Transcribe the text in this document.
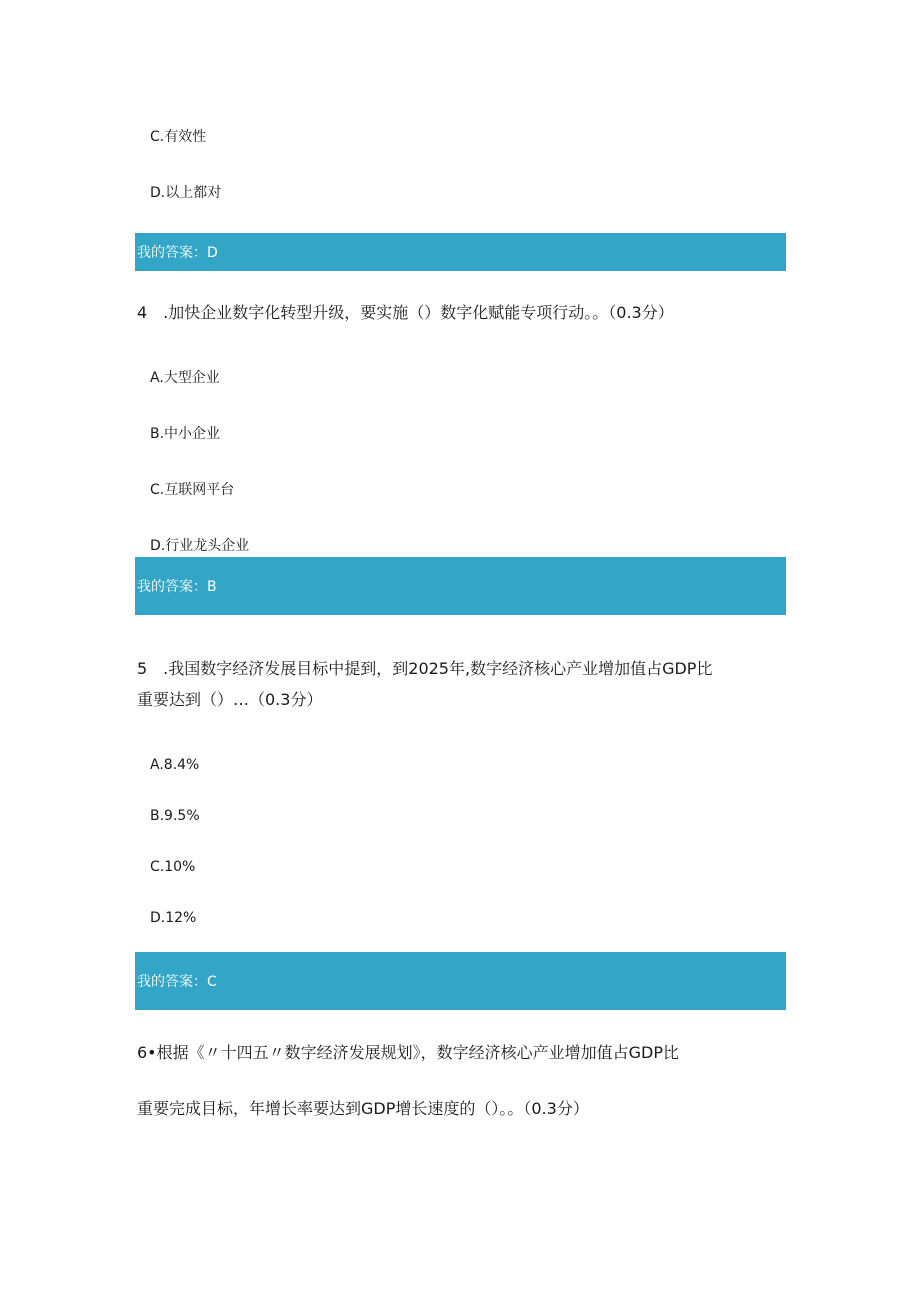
C.有效性
D.以上都对
我的答案：D
4　.加快企业数字化转型升级，要实施（）数字化赋能专项行动。。（0.3分）
A.大型企业
B.中小企业
C.互联网平台
D.行业龙头企业
我的答案：B
5　.我国数字经济发展目标中提到，到2025年,数字经济核心产业增加值占GDP比
重要达到（）…（0.3分）
A.8.4%
B.9.5%
C.10%
D.12%
我的答案：C
6•根据《〃十四五〃数字经济发展规划》，数字经济核心产业增加值占GDP比
重要完成目标，年增长率要达到GDP增长速度的（）。。（0.3分）
